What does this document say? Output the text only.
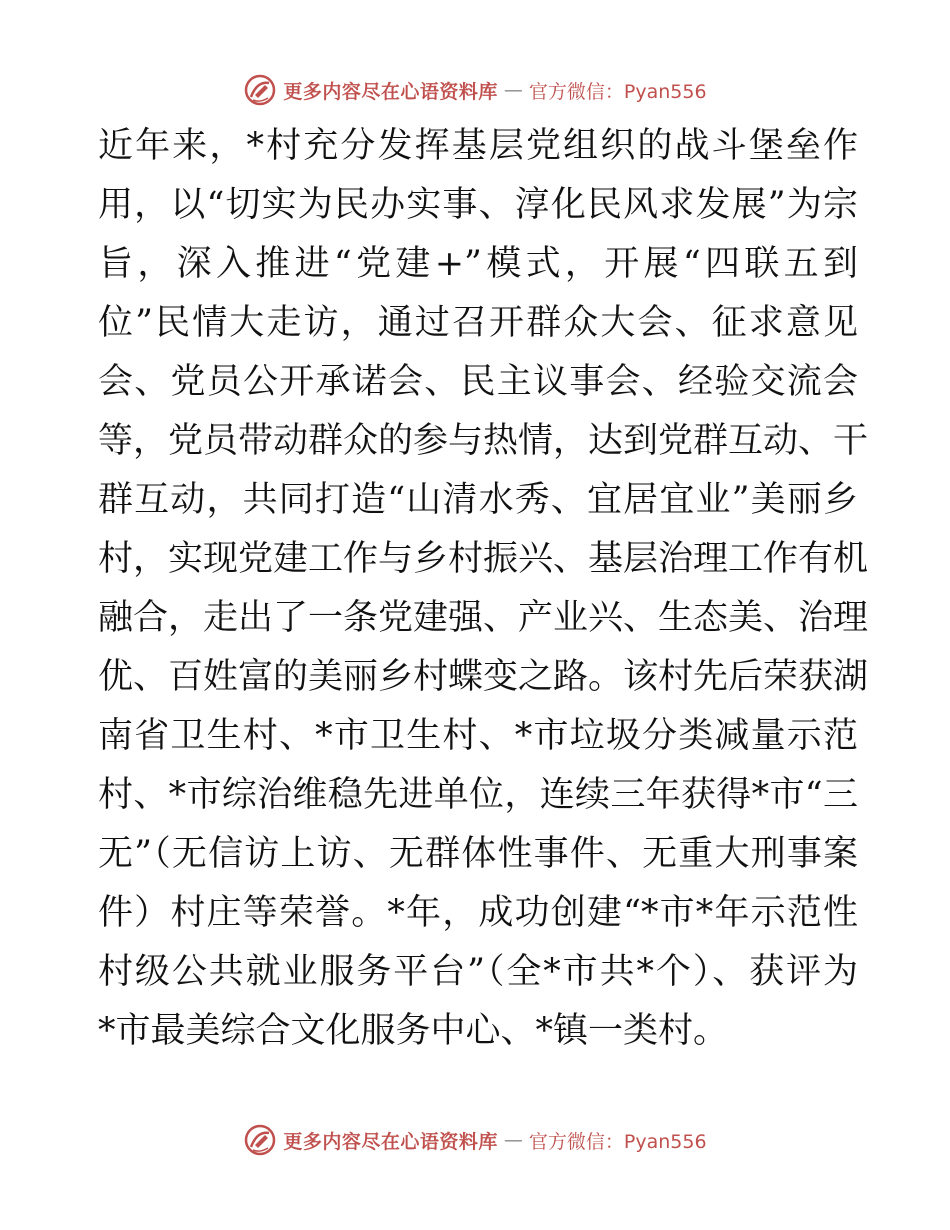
更多内容尽在心语资料库 — 官方微信：Pyan556
近年来，*村充分发挥基层党组织的战斗堡垒作
用，以“切实为民办实事、淳化民风求发展”为宗
旨，深入推进“党建+”模式，开展“四联五到
位”民情大走访，通过召开群众大会、征求意见
会、党员公开承诺会、民主议事会、经验交流会
等，党员带动群众的参与热情，达到党群互动、干
群互动，共同打造“山清水秀、宜居宜业”美丽乡
村，实现党建工作与乡村振兴、基层治理工作有机
融合，走出了一条党建强、产业兴、生态美、治理
优、百姓富的美丽乡村蝶变之路。该村先后荣获湖
南省卫生村、*市卫生村、*市垃圾分类减量示范
村、*市综治维稳先进单位，连续三年获得*市“三
无”（无信访上访、无群体性事件、无重大刑事案
件）村庄等荣誉。*年，成功创建“*市*年示范性
村级公共就业服务平台”（全*市共*个）、获评为
*市最美综合文化服务中心、*镇一类村。
更多内容尽在心语资料库 — 官方微信：Pyan556
